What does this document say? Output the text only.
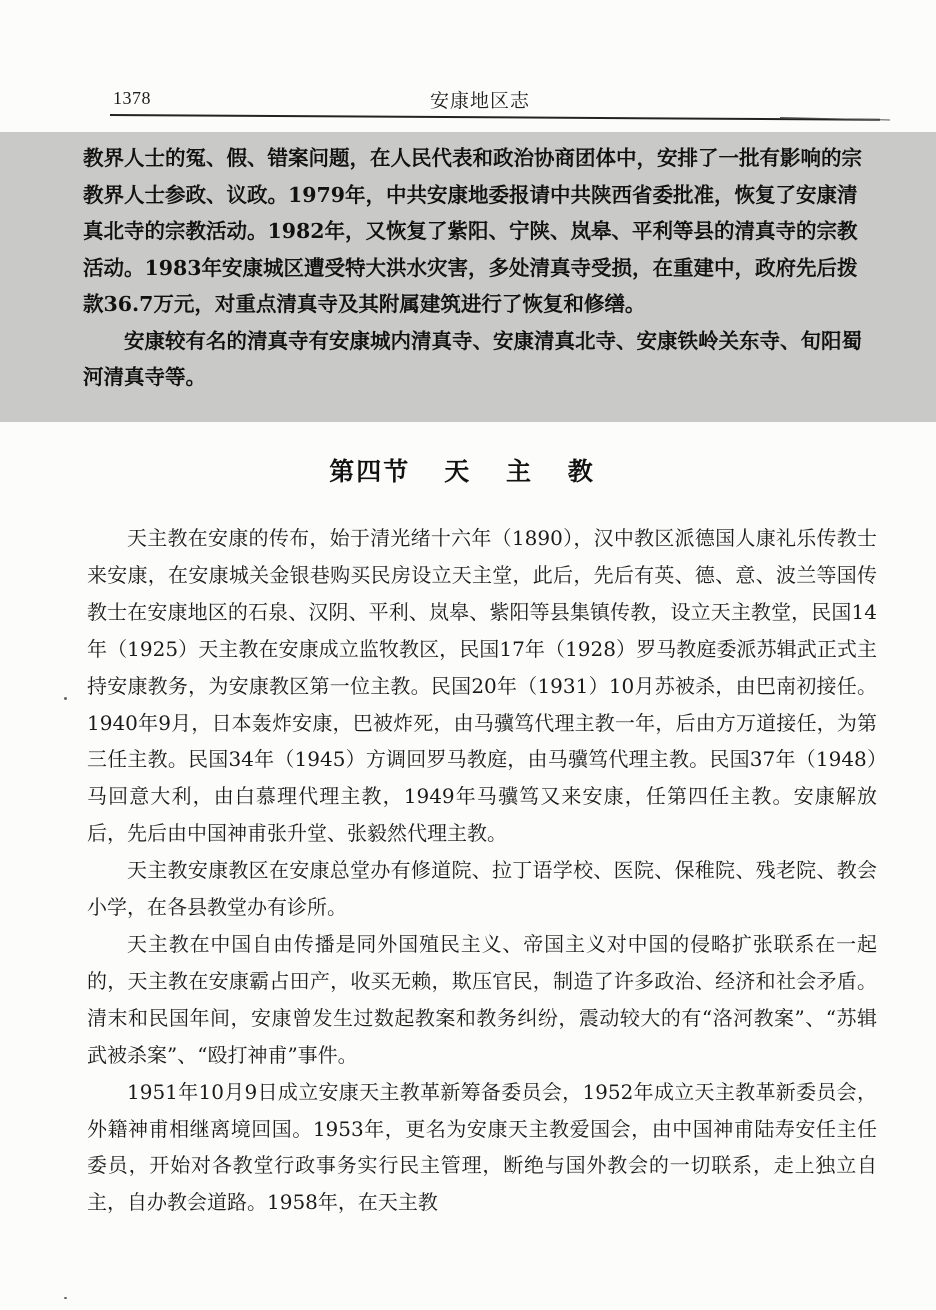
1378	安康地区志

教界人士的冤、假、错案问题，在人民代表和政治协商团体中，安排了一批有影响的宗教界人士参政、议政。1979年，中共安康地委报请中共陕西省委批准，恢复了安康清真北寺的宗教活动。1982年，又恢复了紫阳、宁陕、岚皋、平利等县的清真寺的宗教活动。1983年安康城区遭受特大洪水灾害，多处清真寺受损，在重建中，政府先后拨款36.7万元，对重点清真寺及其附属建筑进行了恢复和修缮。

安康较有名的清真寺有安康城内清真寺、安康清真北寺、安康铁岭关东寺、旬阳蜀河清真寺等。

第四节 天 主 教

天主教在安康的传布，始于清光绪十六年（1890），汉中教区派德国人康礼乐传教士来安康，在安康城关金银巷购买民房设立天主堂，此后，先后有英、德、意、波兰等国传教士在安康地区的石泉、汉阴、平利、岚皋、紫阳等县集镇传教，设立天主教堂，民国14年（1925）天主教在安康成立监牧教区，民国17年（1928）罗马教庭委派苏辑武正式主持安康教务，为安康教区第一位主教。民国20年（1931）10月苏被杀，由巴南初接任。1940年9月，日本轰炸安康，巴被炸死，由马骥笃代理主教一年，后由方万道接任，为第三任主教。民国34年（1945）方调回罗马教庭，由马骥笃代理主教。民国37年（1948）马回意大利，由白慕理代理主教，1949年马骥笃又来安康，任第四任主教。安康解放后，先后由中国神甫张升堂、张毅然代理主教。

天主教安康教区在安康总堂办有修道院、拉丁语学校、医院、保稚院、残老院、教会小学，在各县教堂办有诊所。

天主教在中国自由传播是同外国殖民主义、帝国主义对中国的侵略扩张联系在一起的，天主教在安康霸占田产，收买无赖，欺压官民，制造了许多政治、经济和社会矛盾。清末和民国年间，安康曾发生过数起教案和教务纠纷，震动较大的有“洛河教案”、“苏辑武被杀案”、“殴打神甫”事件。

1951年10月9日成立安康天主教革新筹备委员会，1952年成立天主教革新委员会，外籍神甫相继离境回国。1953年，更名为安康天主教爱国会，由中国神甫陆寿安任主任委员，开始对各教堂行政事务实行民主管理，断绝与国外教会的一切联系，走上独立自主，自办教会道路。1958年，在天主教
